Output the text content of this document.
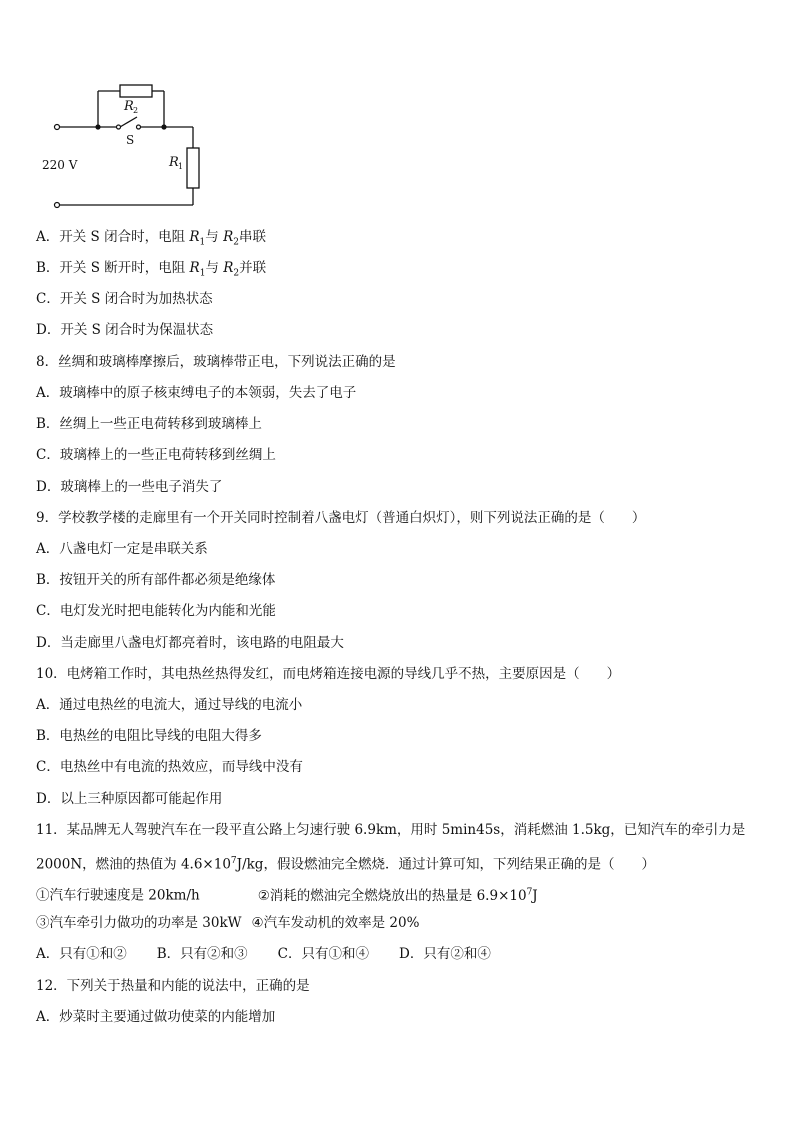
R 2
S
R 1
220 V
A．开关 S 闭合时，电阻 $R_1$与 $R_2$串联
B．开关 S 断开时，电阻 $R_1$与 $R_2$并联
C．开关 S 闭合时为加热状态
D．开关 S 闭合时为保温状态
8．丝绸和玻璃棒摩擦后，玻璃棒带正电，下列说法正确的是
A．玻璃棒中的原子核束缚电子的本领弱，失去了电子
B．丝绸上一些正电荷转移到玻璃棒上
C．玻璃棒上的一些正电荷转移到丝绸上
D．玻璃棒上的一些电子消失了
9．学校教学楼的走廊里有一个开关同时控制着八盏电灯（普通白炽灯），则下列说法正确的是（　　）
A．八盏电灯一定是串联关系
B．按钮开关的所有部件都必须是绝缘体
C．电灯发光时把电能转化为内能和光能
D．当走廊里八盏电灯都亮着时，该电路的电阻最大
10．电烤箱工作时，其电热丝热得发红，而电烤箱连接电源的导线几乎不热，主要原因是（　　）
A．通过电热丝的电流大，通过导线的电流小
B．电热丝的电阻比导线的电阻大得多
C．电热丝中有电流的热效应，而导线中没有
D．以上三种原因都可能起作用
11．某品牌无人驾驶汽车在一段平直公路上匀速行驶 6.9km，用时 5min45s，消耗燃油 1.5kg，已知汽车的牵引力是
2000N，燃油的热值为 $4.6\times 10^7J/kg$，假设燃油完全燃烧．通过计算可知，下列结果正确的是（　　）
①汽车行驶速度是 20km/h	②消耗的燃油完全燃烧放出的热量是 $6.9\times 10^7J$
③汽车牵引力做功的功率是 30kW ④汽车发动机的效率是 20%
A．只有①和② B．只有②和③ C．只有①和④ D．只有②和④
12．下列关于热量和内能的说法中，正确的是
A．炒菜时主要通过做功使菜的内能增加
